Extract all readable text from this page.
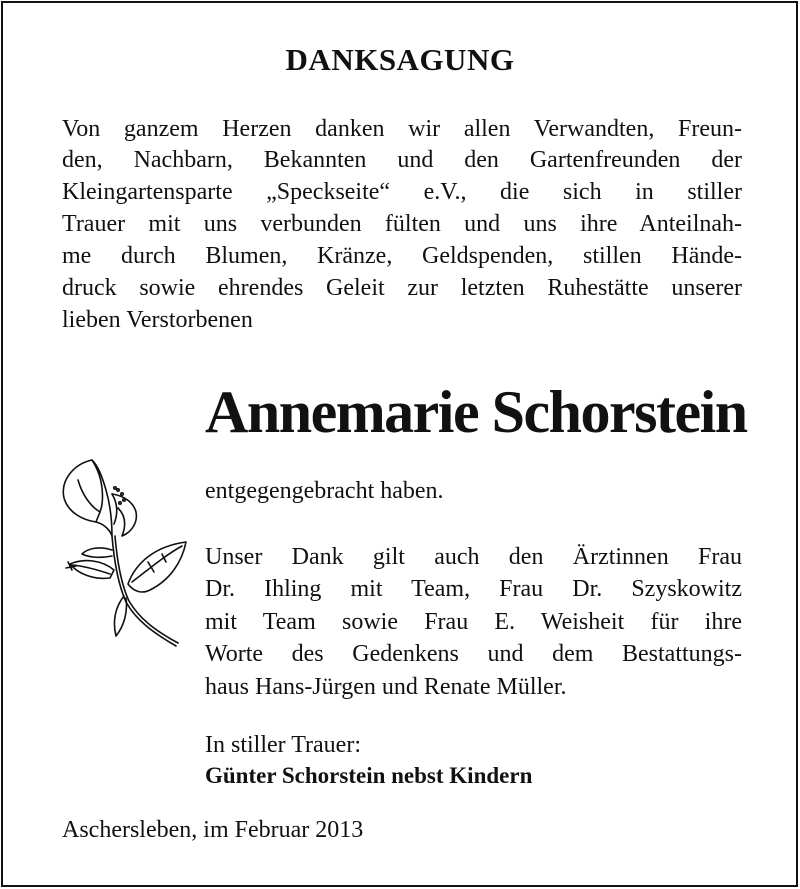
DANKSAGUNG
Von ganzem Herzen danken wir allen Verwandten, Freun-
den, Nachbarn, Bekannten und den Gartenfreunden der
Kleingartensparte „Speckseite“ e.V., die sich in stiller
Trauer mit uns verbunden fülten und uns ihre Anteilnah-
me durch Blumen, Kränze, Geldspenden, stillen Hände-
druck sowie ehrendes Geleit zur letzten Ruhestätte unserer
lieben Verstorbenen
Annemarie Schorstein
entgegengebracht haben.
Unser Dank gilt auch den Ärztinnen Frau
Dr. Ihling mit Team, Frau Dr. Szyskowitz
mit Team sowie Frau E. Weisheit für ihre
Worte des Gedenkens und dem Bestattungs-
haus Hans-Jürgen und Renate Müller.
In stiller Trauer:
Günter Schorstein nebst Kindern
Aschersleben, im Februar 2013
